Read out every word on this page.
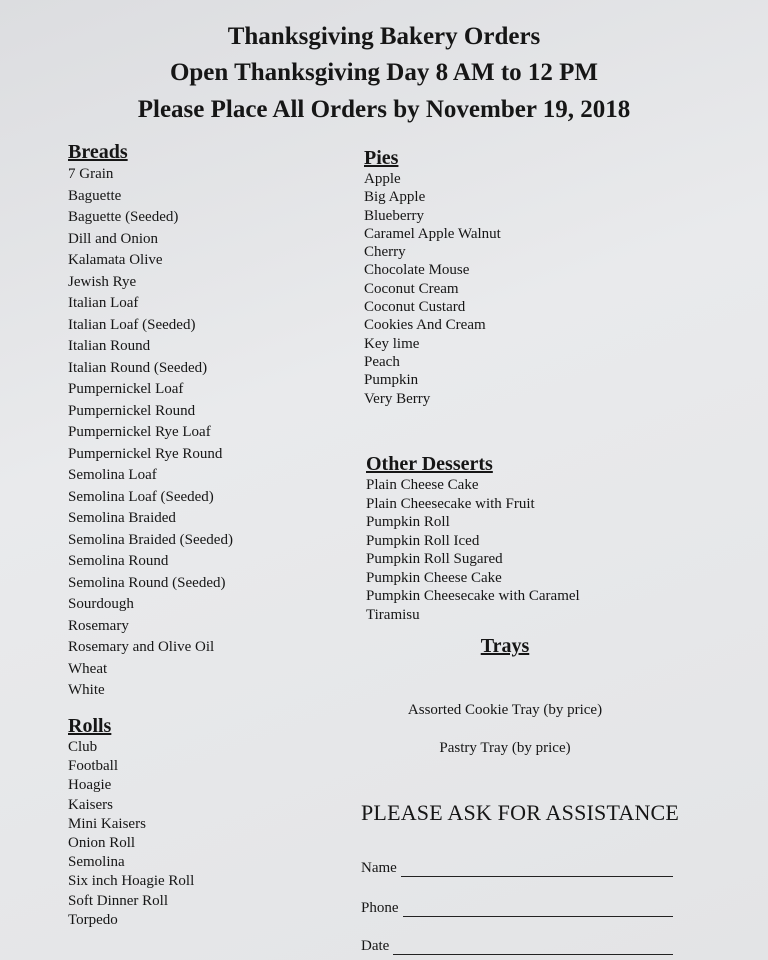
Thanksgiving Bakery Orders
Open Thanksgiving Day 8 AM to 12 PM
Please Place All Orders by November 19, 2018
Breads
7 Grain
Baguette
Baguette (Seeded)
Dill and Onion
Kalamata Olive
Jewish Rye
Italian Loaf
Italian Loaf (Seeded)
Italian Round
Italian Round (Seeded)
Pumpernickel Loaf
Pumpernickel Round
Pumpernickel Rye Loaf
Pumpernickel Rye Round
Semolina Loaf
Semolina Loaf (Seeded)
Semolina Braided
Semolina Braided (Seeded)
Semolina Round
Semolina Round (Seeded)
Sourdough
Rosemary
Rosemary and Olive Oil
Wheat
White
Rolls
Club
Football
Hoagie
Kaisers
Mini Kaisers
Onion Roll
Semolina
Six inch Hoagie Roll
Soft Dinner Roll
Torpedo
Pies
Apple
Big Apple
Blueberry
Caramel Apple Walnut
Cherry
Chocolate Mouse
Coconut Cream
Coconut Custard
Cookies And Cream
Key lime
Peach
Pumpkin
Very Berry
Other Desserts
Plain Cheese Cake
Plain Cheesecake with Fruit
Pumpkin Roll
Pumpkin Roll Iced
Pumpkin Roll Sugared
Pumpkin Cheese Cake
Pumpkin Cheesecake with Caramel
Tiramisu
Trays
Assorted Cookie Tray (by price)
Pastry Tray (by price)
PLEASE ASK FOR ASSISTANCE
Name
Phone
Date
